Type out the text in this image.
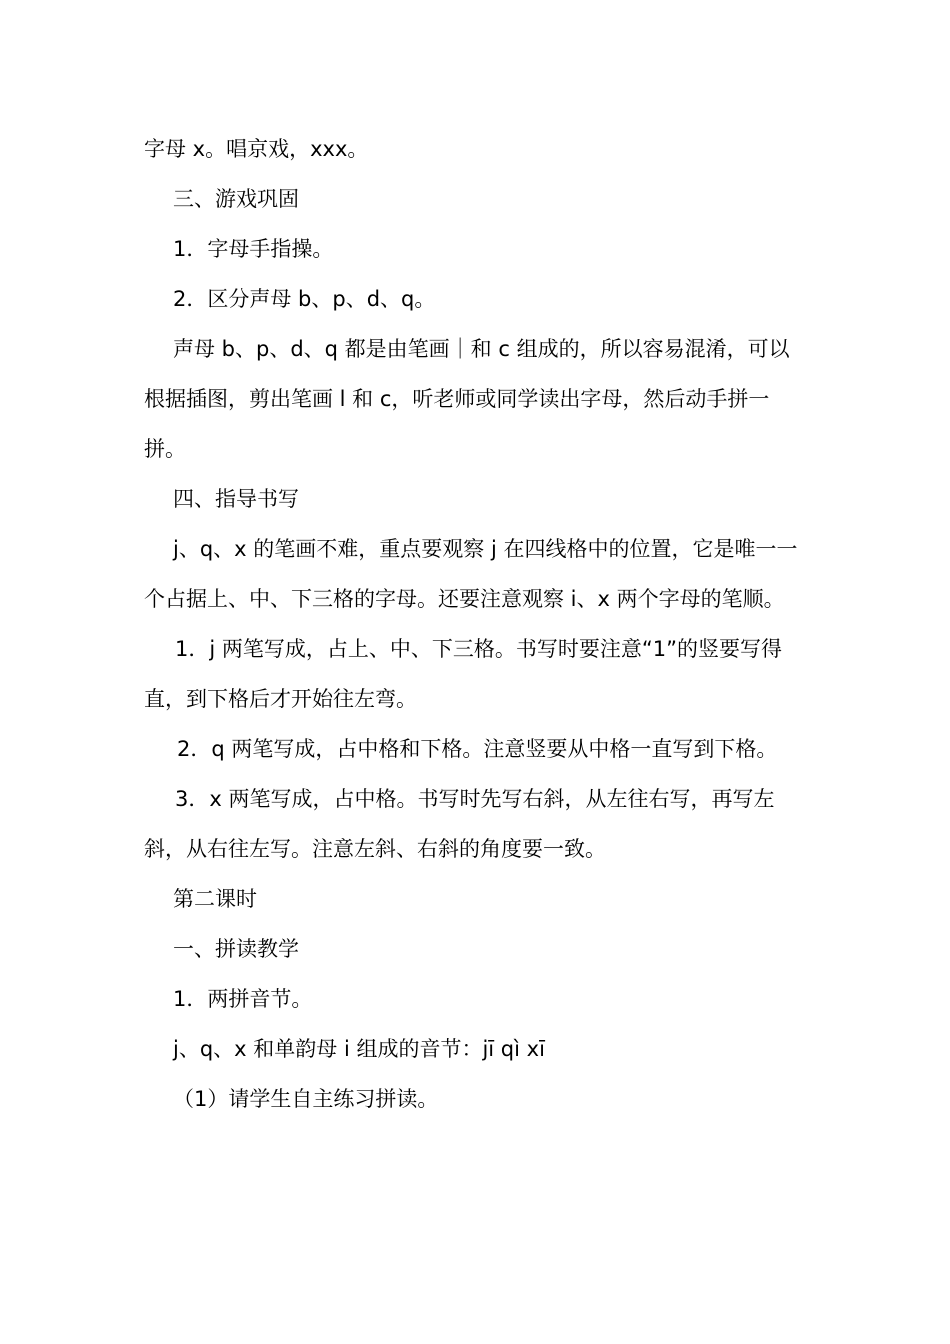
字母 x。唱京戏，xxx。

三、游戏巩固

1．字母手指操。

2．区分声母 b、p、d、q。

声母 b、p、d、q 都是由笔画｜和 c 组成的，所以容易混淆，可以根据插图，剪出笔画 l 和 c，听老师或同学读出字母，然后动手拼一拼。

四、指导书写

j、q、x 的笔画不难，重点要观察 j 在四线格中的位置，它是唯一一个占据上、中、下三格的字母。还要注意观察 i、x 两个字母的笔顺。

1．j 两笔写成，占上、中、下三格。书写时要注意“1”的竖要写得直，到下格后才开始往左弯。

2．q 两笔写成，占中格和下格。注意竖要从中格一直写到下格。

3．x 两笔写成，占中格。书写时先写右斜，从左往右写，再写左斜，从右往左写。注意左斜、右斜的角度要一致。

第二课时

一、拼读教学

1．两拼音节。

j、q、x 和单韵母 i 组成的音节：jī qì xī

（1）请学生自主练习拼读。
